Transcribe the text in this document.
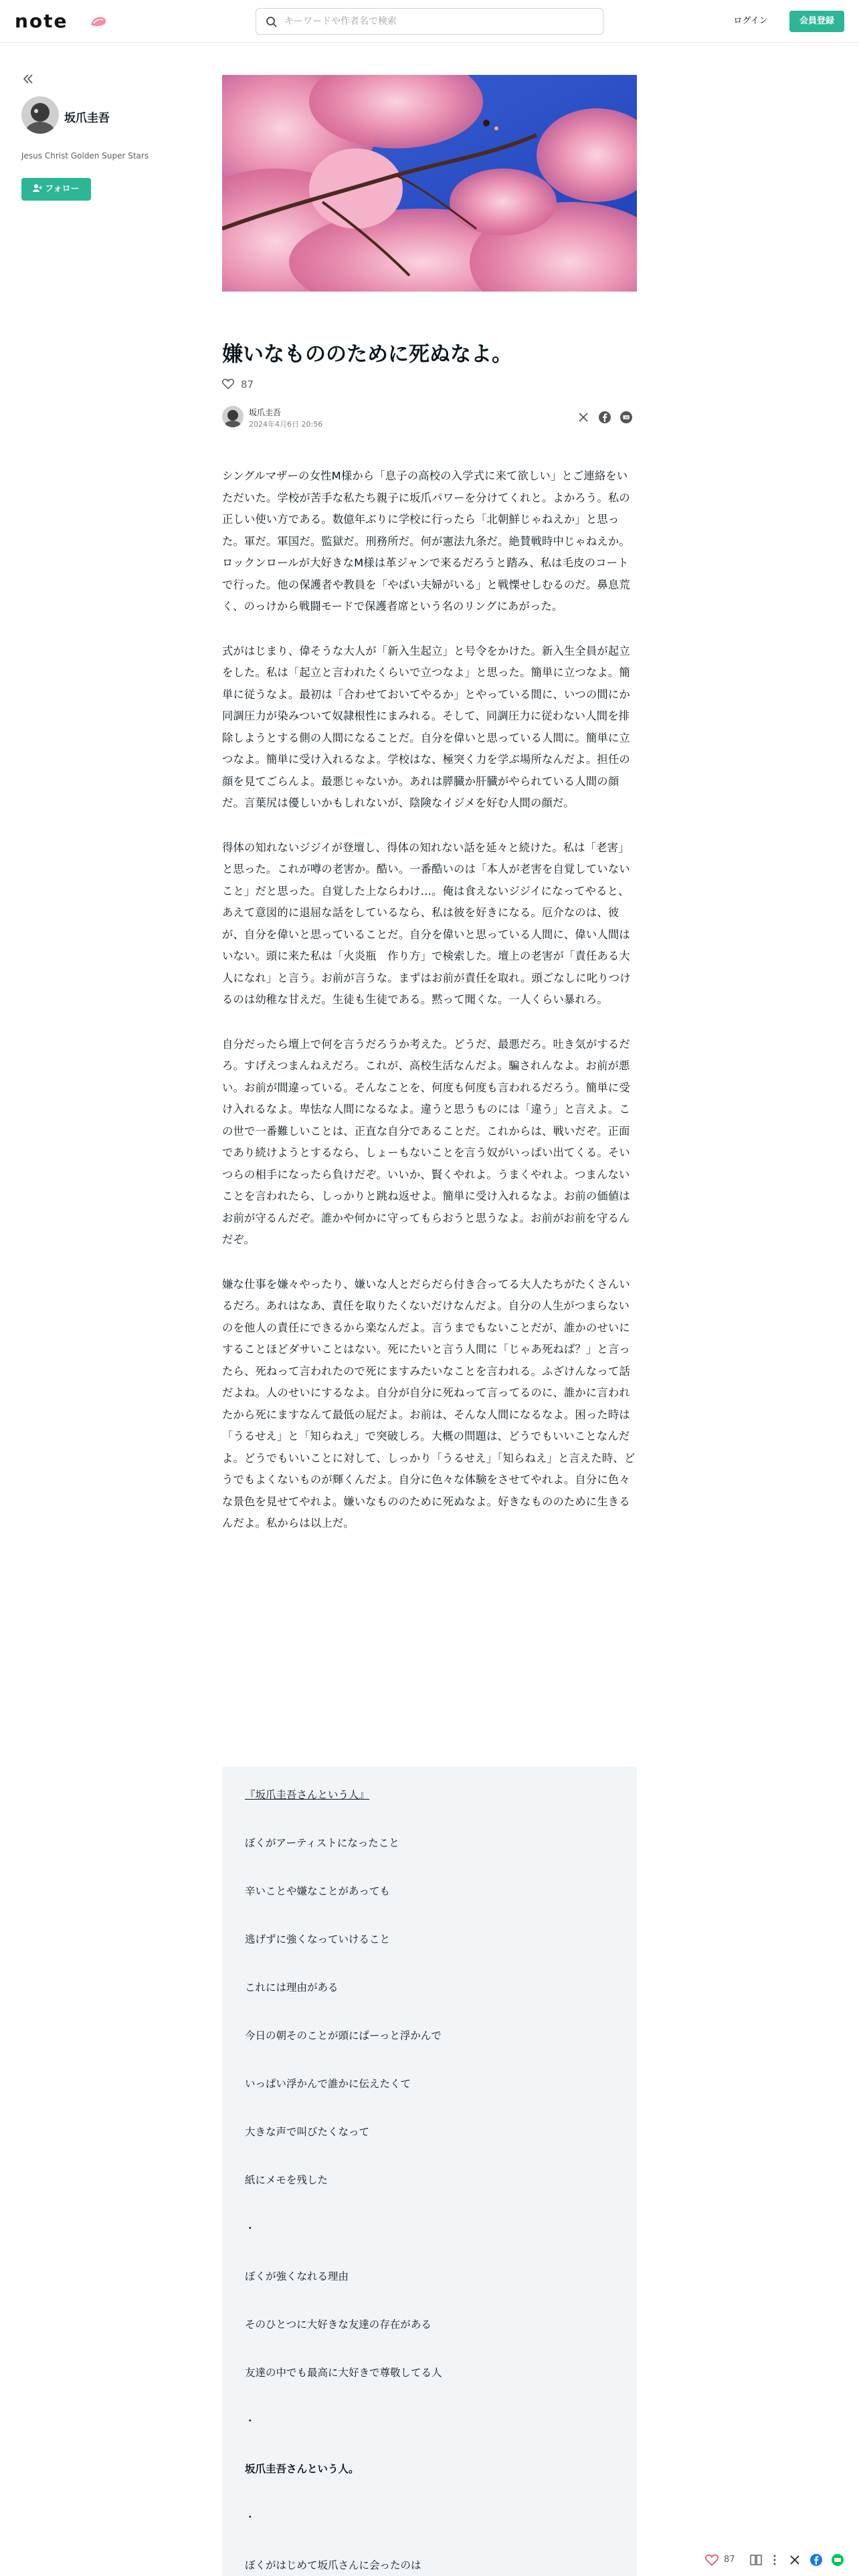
note
キーワードや作者名で検索	ログイン	会員登録
坂爪圭吾
Jesus Christ Golden Super Stars
フォロー
嫌いなもののために死ぬなよ。
87
坂爪圭吾
2024年4月6日 20:56
LINE

シングルマザーの女性M様から「息子の高校の入学式に来て欲しい」とご連絡をいただいた。学校が苦手な私たち親子に坂爪パワーを分けてくれと。よかろう。私の正しい使い方である。数億年ぶりに学校に行ったら「北朝鮮じゃねえか」と思った。軍だ。軍国だ。監獄だ。刑務所だ。何が憲法九条だ。絶賛戦時中じゃねえか。ロックンロールが大好きなM様は革ジャンで来るだろうと踏み、私は毛皮のコートで行った。他の保護者や教員を「やばい夫婦がいる」と戦慄せしむるのだ。鼻息荒く、のっけから戦闘モードで保護者席という名のリングにあがった。

式がはじまり、偉そうな大人が「新入生起立」と号令をかけた。新入生全員が起立をした。私は「起立と言われたくらいで立つなよ」と思った。簡単に立つなよ。簡単に従うなよ。最初は「合わせておいてやるか」とやっている間に、いつの間にか同調圧力が染みついて奴隷根性にまみれる。そして、同調圧力に従わない人間を排除しようとする側の人間になることだ。自分を偉いと思っている人間に。簡単に立つなよ。簡単に受け入れるなよ。学校はな、極突く力を学ぶ場所なんだよ。担任の顔を見てごらんよ。最悪じゃないか。あれは膵臓か肝臓がやられている人間の顔だ。言葉尻は優しいかもしれないが、陰険なイジメを好む人間の顔だ。

得体の知れないジジイが登壇し、得体の知れない話を延々と続けた。私は「老害」と思った。これが噂の老害か。酷い。一番酷いのは「本人が老害を自覚していないこと」だと思った。自覚した上ならわけ…。俺は食えないジジイになってやると、あえて意図的に退屈な話をしているなら、私は彼を好きになる。厄介なのは、彼が、自分を偉いと思っていることだ。自分を偉いと思っている人間に、偉い人間はいない。頭に来た私は「火炎瓶　作り方」で検索した。壇上の老害が「責任ある大人になれ」と言う。お前が言うな。まずはお前が責任を取れ。頭ごなしに叱りつけるのは幼稚な甘えだ。生徒も生徒である。黙って聞くな。一人くらい暴れろ。

自分だったら壇上で何を言うだろうか考えた。どうだ、最悪だろ。吐き気がするだろ。すげえつまんねえだろ。これが、高校生活なんだよ。騙されんなよ。お前が悪い。お前が間違っている。そんなことを、何度も何度も言われるだろう。簡単に受け入れるなよ。卑怯な人間になるなよ。違うと思うものには「違う」と言えよ。この世で一番難しいことは、正直な自分であることだ。これからは、戦いだぞ。正面であり続けようとするなら、しょーもないことを言う奴がいっぱい出てくる。そいつらの相手になったら負けだぞ。いいか、賢くやれよ。うまくやれよ。つまんないことを言われたら、しっかりと跳ね返せよ。簡単に受け入れるなよ。お前の価値はお前が守るんだぞ。誰かや何かに守ってもらおうと思うなよ。お前がお前を守るんだぞ。

嫌な仕事を嫌々やったり、嫌いな人とだらだら付き合ってる大人たちがたくさんいるだろ。あれはなあ、責任を取りたくないだけなんだよ。自分の人生がつまらないのを他人の責任にできるから楽なんだよ。言うまでもないことだが、誰かのせいにすることほどダサいことはない。死にたいと言う人間に「じゃあ死ねば？」と言ったら、死ねって言われたので死にますみたいなことを言われる。ふざけんなって話だよね。人のせいにするなよ。自分が自分に死ねって言ってるのに、誰かに言われたから死にますなんて最低の屁だよ。お前は、そんな人間になるなよ。困った時は「うるせえ」と「知らねえ」で突破しろ。大概の問題は、どうでもいいことなんだよ。どうでもいいことに対して、しっかり「うるせえ」「知らねえ」と言えた時、どうでもよくないものが輝くんだよ。自分に色々な体験をさせてやれよ。自分に色々な景色を見せてやれよ。嫌いなもののために死ぬなよ。好きなもののために生きるんだよ。私からは以上だ。

『坂爪圭吾さんという人』
ぼくがアーティストになったこと
辛いことや嫌なことがあっても
逃げずに強くなっていけること
これには理由がある
今日の朝そのことが頭にぱーっと浮かんで
いっぱい浮かんで誰かに伝えたくて
大きな声で叫びたくなって
紙にメモを残した
・
ぼくが強くなれる理由
そのひとつに大好きな友達の存在がある
友達の中でも最高に大好きで尊敬してる人
・
坂爪圭吾さんという人。
・
ぼくがはじめて坂爪さんに会ったのは	87
